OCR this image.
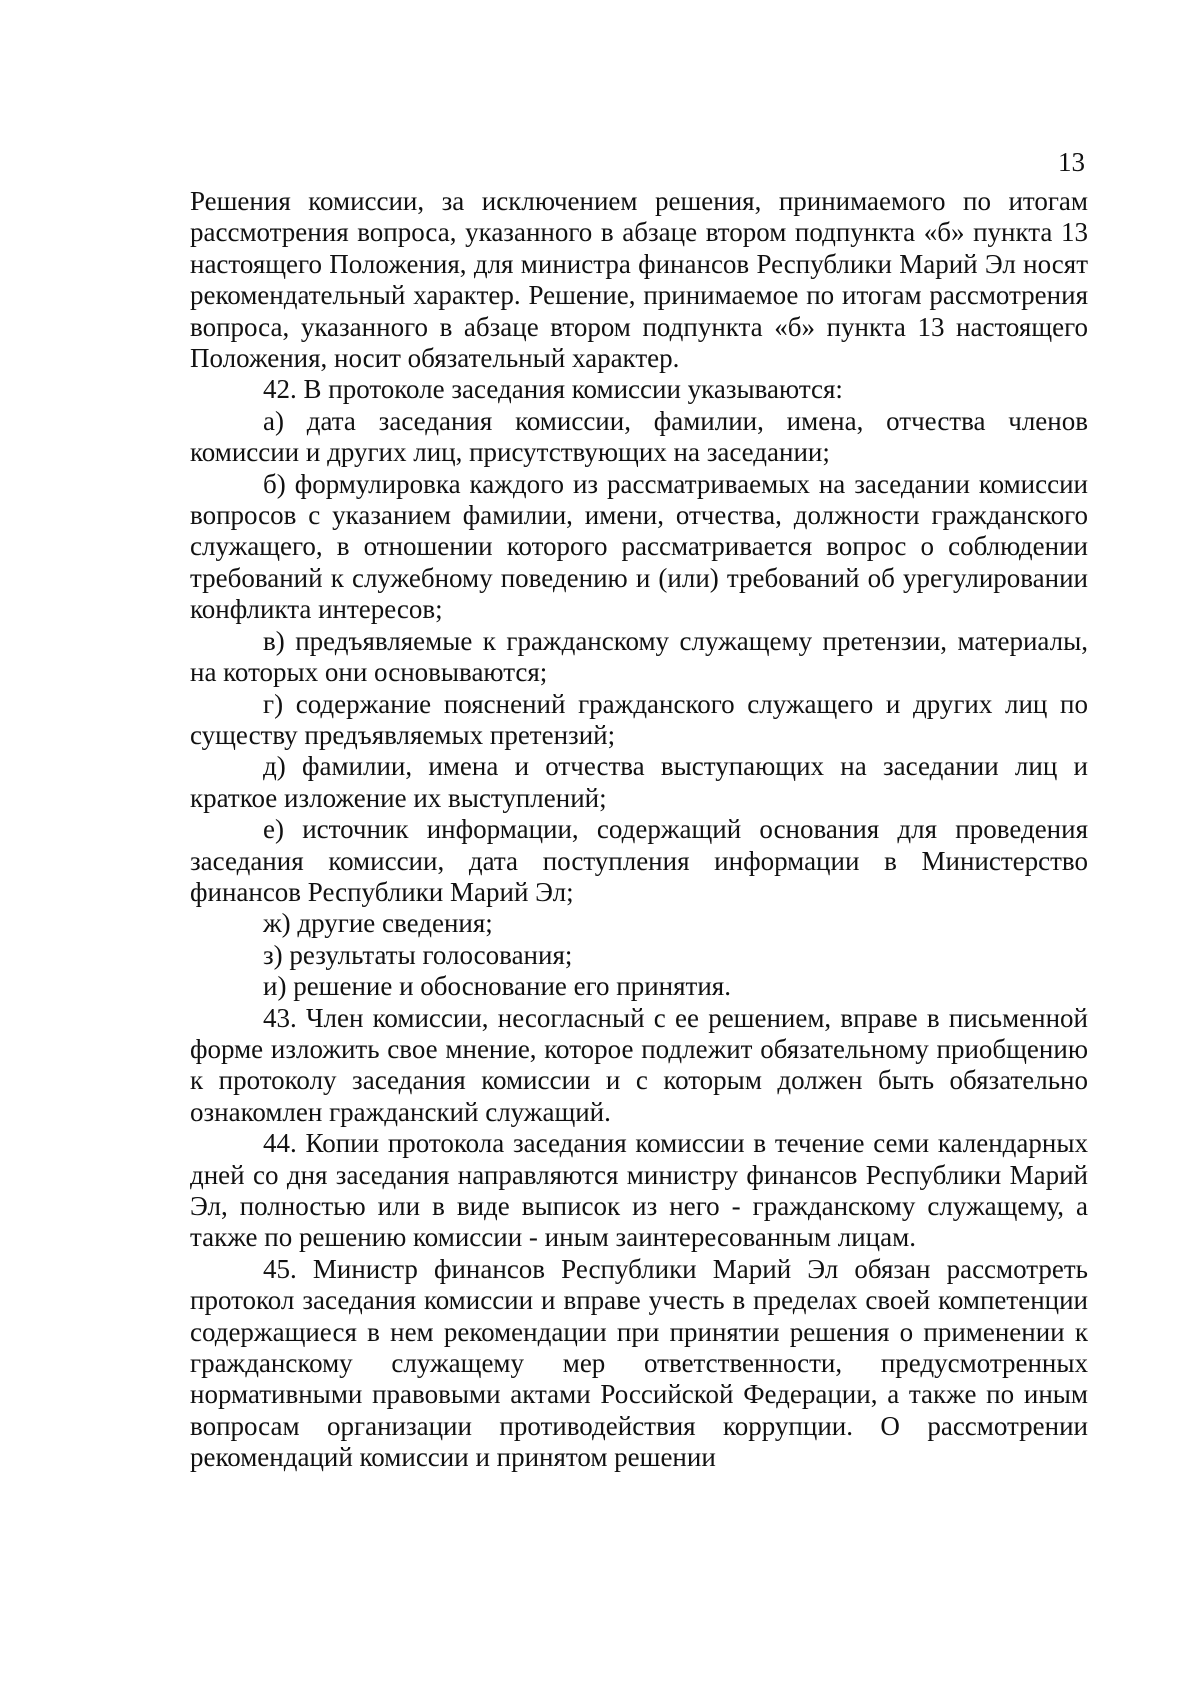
13

Решения комиссии, за исключением решения, принимаемого по итогам рассмотрения вопроса, указанного в абзаце втором подпункта «б» пункта 13 настоящего Положения, для министра финансов Республики Марий Эл носят рекомендательный характер. Решение, принимаемое по итогам рассмотрения вопроса, указанного в абзаце втором подпункта «б» пункта 13 настоящего Положения, носит обязательный характер.

42. В протоколе заседания комиссии указываются:

а) дата заседания комиссии, фамилии, имена, отчества членов комиссии и других лиц, присутствующих на заседании;

б) формулировка каждого из рассматриваемых на заседании комиссии вопросов с указанием фамилии, имени, отчества, должности гражданского служащего, в отношении которого рассматривается вопрос о соблюдении требований к служебному поведению и (или) требований об урегулировании конфликта интересов;

в) предъявляемые к гражданскому служащему претензии, материалы, на которых они основываются;

г) содержание пояснений гражданского служащего и других лиц по существу предъявляемых претензий;

д) фамилии, имена и отчества выступающих на заседании лиц и краткое изложение их выступлений;

е) источник информации, содержащий основания для проведения заседания комиссии, дата поступления информации в Министерство финансов Республики Марий Эл;

ж) другие сведения;

з) результаты голосования;

и) решение и обоснование его принятия.

43. Член комиссии, несогласный с ее решением, вправе в письменной форме изложить свое мнение, которое подлежит обязательному приобщению к протоколу заседания комиссии и с которым должен быть обязательно ознакомлен гражданский служащий.

44. Копии протокола заседания комиссии в течение семи календарных дней со дня заседания направляются министру финансов Республики Марий Эл, полностью или в виде выписок из него - гражданскому служащему, а также по решению комиссии - иным заинтересованным лицам.

45. Министр финансов Республики Марий Эл обязан рассмотреть протокол заседания комиссии и вправе учесть в пределах своей компетенции содержащиеся в нем рекомендации при принятии решения о применении к гражданскому служащему мер ответственности, предусмотренных нормативными правовыми актами Российской Федерации, а также по иным вопросам организации противодействия коррупции. О рассмотрении рекомендаций комиссии и принятом решении
